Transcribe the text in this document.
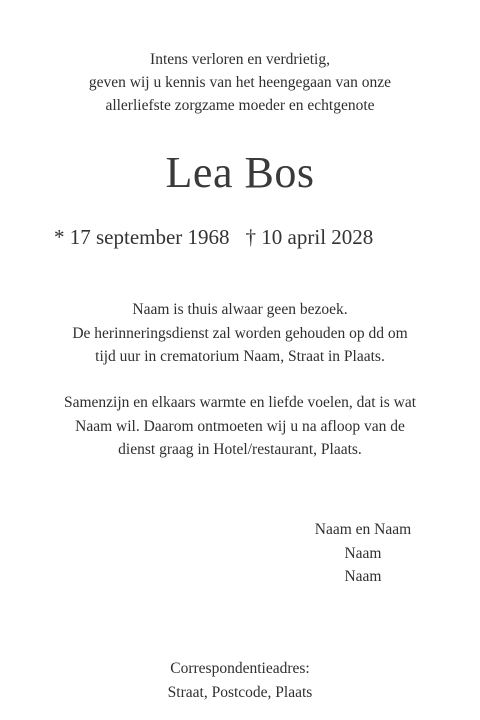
Intens verloren en verdrietig,
geven wij u kennis van het heengegaan van onze
allerliefste zorgzame moeder en echtgenote
Lea Bos
* 17 september 1968 † 10 april 2028
Naam is thuis alwaar geen bezoek.
De herinneringsdienst zal worden gehouden op dd om
tijd uur in crematorium Naam, Straat in Plaats.
Samenzijn en elkaars warmte en liefde voelen, dat is wat
Naam wil. Daarom ontmoeten wij u na afloop van de
dienst graag in Hotel/restaurant, Plaats.
Naam en Naam
Naam
Naam
Correspondentieadres:
Straat, Postcode, Plaats
